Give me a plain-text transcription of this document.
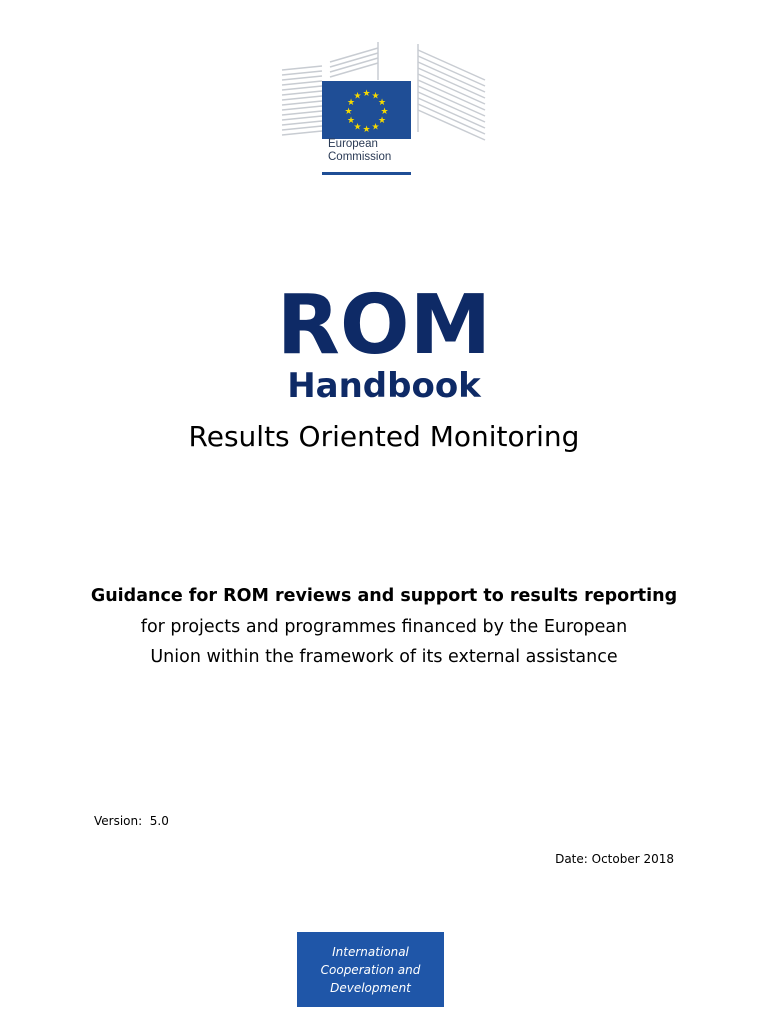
★ ★
★
★
★
★
★
★
★
★
★
★
European
Commission
ROM
Handbook
Results Oriented Monitoring
Guidance for ROM reviews and support to results reporting
for projects and programmes financed by the European
Union within the framework of its external assistance
Version:  5.0
Date: October 2018
International
Cooperation and
Development
